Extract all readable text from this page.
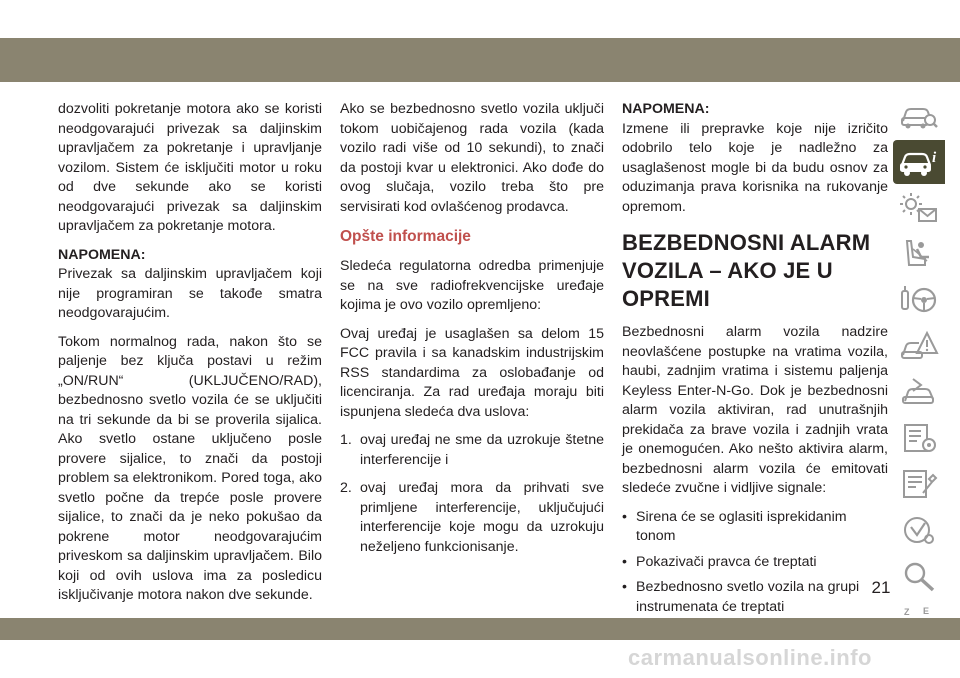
dozvoliti pokretanje motora ako se koristi neodgovarajući privezak sa daljinskim upravljačem za pokretanje i upravljanje vozilom. Sistem će isključiti motor u roku od dve sekunde ako se koristi neodgovarajući privezak sa daljinskim upravljačem za pokretanje motora.

NAPOMENA:

Privezak sa daljinskim upravljačem koji nije programiran se takođe smatra neodgovarajućim.

Tokom normalnog rada, nakon što se paljenje bez ključa postavi u režim „ON/RUN“ (UKLJUČENO/RAD), bezbednosno svetlo vozila će se uključiti na tri sekunde da bi se proverila sijalica. Ako svetlo ostane uključeno posle provere sijalice, to znači da postoji problem sa elektronikom. Pored toga, ako svetlo počne da trepće posle provere sijalice, to znači da je neko pokušao da pokrene motor neodgovarajućim priveskom sa daljinskim upravljačem. Bilo koji od ovih uslova ima za posledicu isključivanje motora nakon dve sekunde.

Ako se bezbednosno svetlo vozila uključi tokom uobičajenog rada vozila (kada vozilo radi više od 10 sekundi), to znači da postoji kvar u elektronici. Ako dođe do ovog slučaja, vozilo treba što pre servisirati kod ovlašćenog prodavca.

Opšte informacije

Sledeća regulatorna odredba primenjuje se na sve radiofrekvencijske uređaje kojima je ovo vozilo opremljeno:

Ovaj uređaj je usaglašen sa delom 15 FCC pravila i sa kanadskim industrijskim RSS standardima za oslobađanje od licenciranja. Za rad uređaja moraju biti ispunjena sledeća dva uslova:

1. ovaj uređaj ne sme da uzrokuje štetne interferencije i
2. ovaj uređaj mora da prihvati sve primljene interferencije, uključujući interferencije koje mogu da uzrokuju neželjeno funkcionisanje.

NAPOMENA:

Izmene ili prepravke koje nije izričito odobrilo telo koje je nadležno za usaglašenost mogle bi da budu osnov za oduzimanja prava korisnika na rukovanje opremom.

BEZBEDNOSNI ALARM
VOZILA – AKO JE U OPREMI

Bezbednosni alarm vozila nadzire neovlašćene postupke na vratima vozila, haubi, zadnjim vratima i sistemu paljenja Keyless Enter-N-Go. Dok je bezbednosni alarm vozila aktiviran, rad unutrašnjih prekidača za brave vozila i zadnjih vrata je onemogućen. Ako nešto aktivira alarm, bezbednosni alarm vozila će emitovati sledeće zvučne i vidljive signale:

• Sirena će se oglasiti isprekidanim tonom
• Pokazivači pravca će treptati
• Bezbednosno svetlo vozila na grupi instrumenata će treptati
i
Z E
21
carmanualsonline.info
